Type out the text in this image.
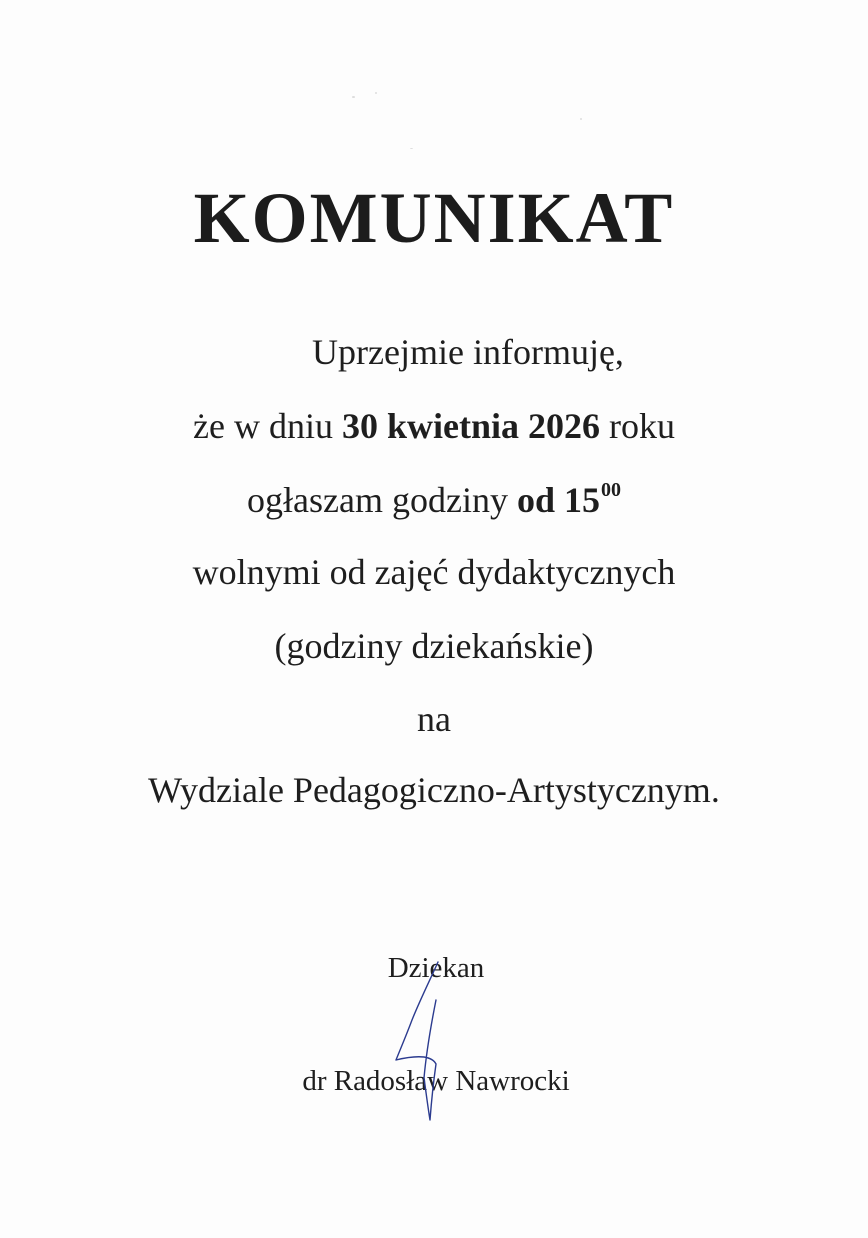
KOMUNIKAT
Uprzejmie informuję,
że w dniu 30 kwietnia 2026 roku
ogłaszam godziny od $15^{00}$
wolnymi od zajęć dydaktycznych
(godziny dziekańskie)
na
Wydziale Pedagogiczno-Artystycznym.
Dziekan
dr Radosław Nawrocki
